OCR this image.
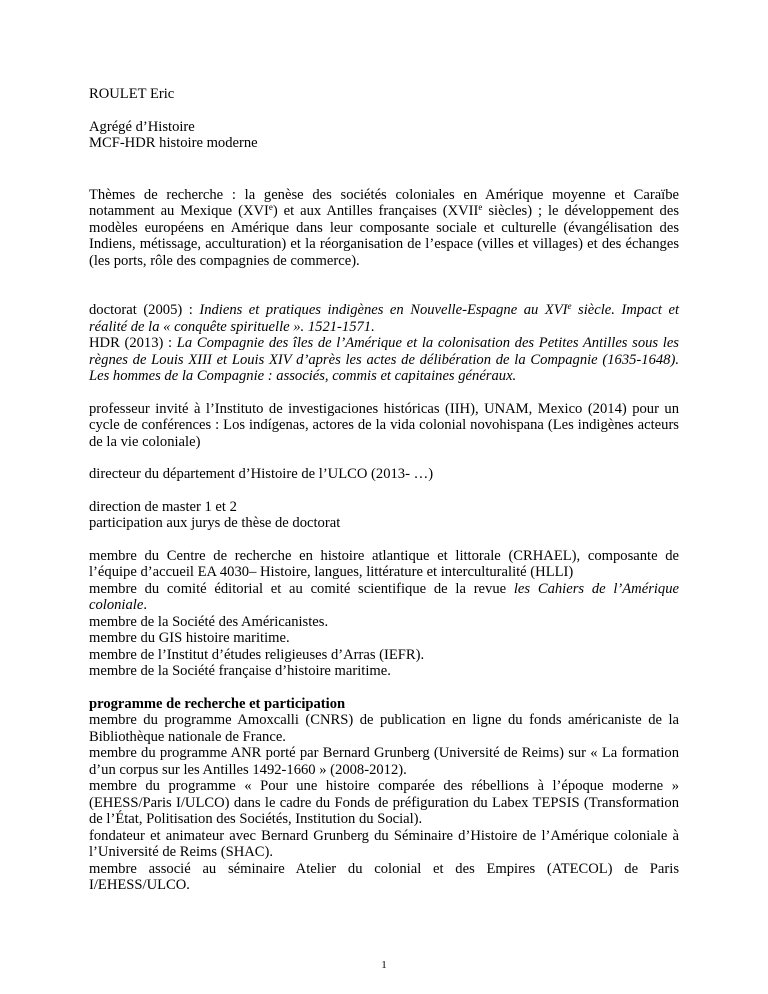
ROULET Eric

Agrégé d’Histoire

MCF-HDR histoire moderne

Thèmes de recherche : la genèse des sociétés coloniales en Amérique moyenne et Caraïbe notamment au Mexique (XVIe) et aux Antilles françaises (XVIIe siècles) ; le développement des modèles européens en Amérique dans leur composante sociale et culturelle (évangélisation des Indiens, métissage, acculturation) et la réorganisation de l’espace (villes et villages) et des échanges (les ports, rôle des compagnies de commerce).

doctorat (2005) : Indiens et pratiques indigènes en Nouvelle-Espagne au XVIe siècle. Impact et réalité de la « conquête spirituelle ». 1521-1571.

HDR (2013) : La Compagnie des îles de l’Amérique et la colonisation des Petites Antilles sous les règnes de Louis XIII et Louis XIV d’après les actes de délibération de la Compagnie (1635-1648). Les hommes de la Compagnie : associés, commis et capitaines généraux.

professeur invité à l’Instituto de investigaciones históricas (IIH), UNAM, Mexico (2014) pour un cycle de conférences : Los indígenas, actores de la vida colonial novohispana (Les indigènes acteurs de la vie coloniale)

directeur du département d’Histoire de l’ULCO (2013- …)

direction de master 1 et 2

participation aux jurys de thèse de doctorat

membre du Centre de recherche en histoire atlantique et littorale (CRHAEL), composante de l’équipe d’accueil EA 4030– Histoire, langues, littérature et interculturalité (HLLI)

membre du comité éditorial et au comité scientifique de la revue les Cahiers de l’Amérique coloniale.

membre de la Société des Américanistes.

membre du GIS histoire maritime.

membre de l’Institut d’études religieuses d’Arras (IEFR).

membre de la Société française d’histoire maritime.

programme de recherche et participation

membre du programme Amoxcalli (CNRS) de publication en ligne du fonds américaniste de la Bibliothèque nationale de France.

membre du programme ANR porté par Bernard Grunberg (Université de Reims) sur « La formation d’un corpus sur les Antilles 1492-1660 » (2008-2012).

membre du programme « Pour une histoire comparée des rébellions à l’époque moderne » (EHESS/Paris I/ULCO) dans le cadre du Fonds de préfiguration du Labex TEPSIS (Transformation de l’État, Politisation des Sociétés, Institution du Social).

fondateur et animateur avec Bernard Grunberg du Séminaire d’Histoire de l’Amérique coloniale à l’Université de Reims (SHAC).

membre associé au séminaire Atelier du colonial et des Empires (ATECOL) de Paris I/EHESS/ULCO.

1
